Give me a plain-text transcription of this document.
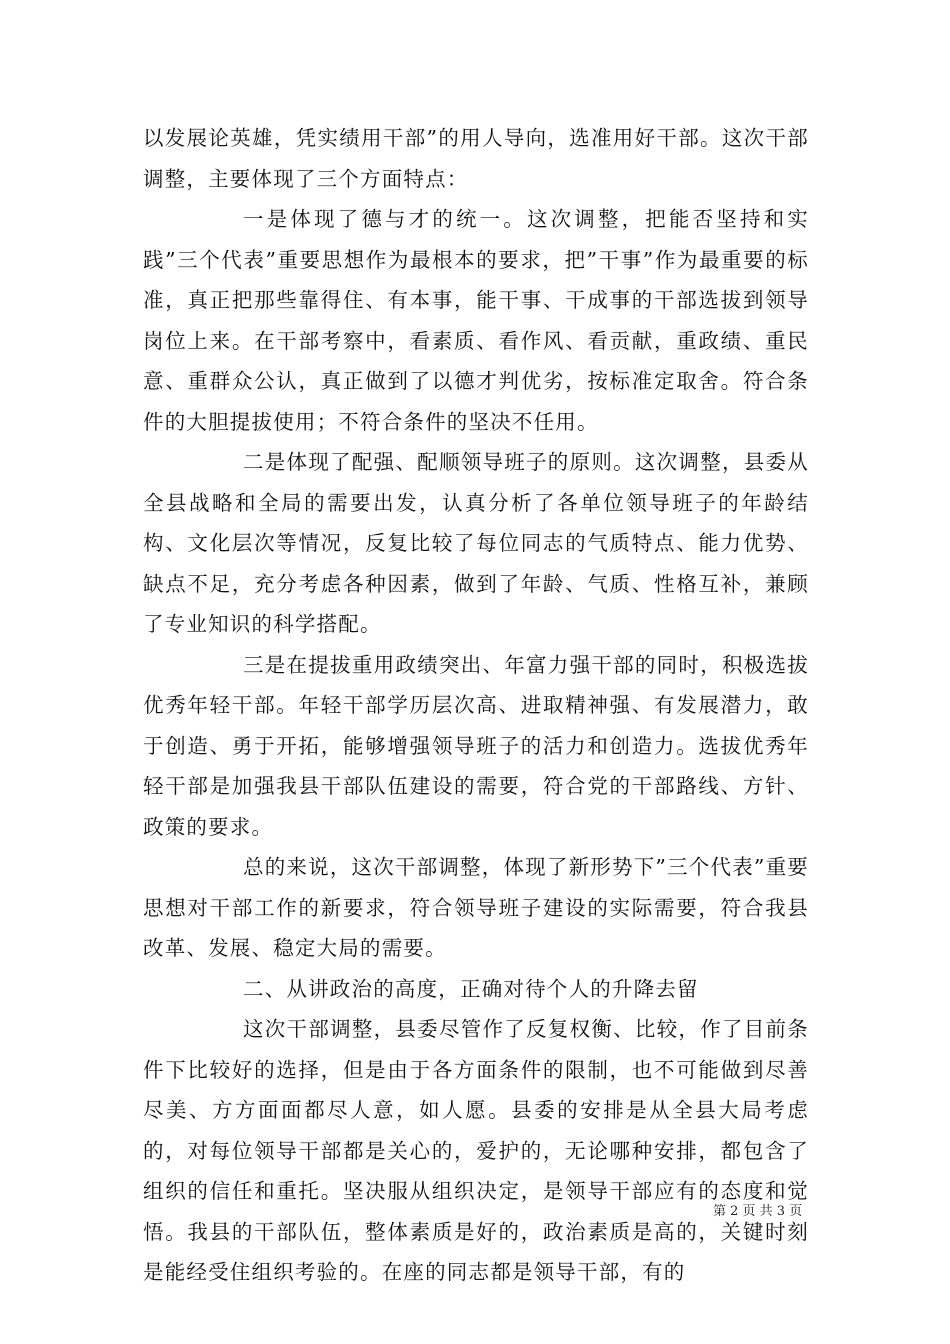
以发展论英雄，凭实绩用干部”的用人导向，选准用好干部。这次干部调整，主要体现了三个方面特点：

一是体现了德与才的统一。这次调整，把能否坚持和实践”三个代表”重要思想作为最根本的要求，把”干事”作为最重要的标准，真正把那些靠得住、有本事，能干事、干成事的干部选拔到领导岗位上来。在干部考察中，看素质、看作风、看贡献，重政绩、重民意、重群众公认，真正做到了以德才判优劣，按标准定取舍。符合条件的大胆提拔使用；不符合条件的坚决不任用。

二是体现了配强、配顺领导班子的原则。这次调整，县委从全县战略和全局的需要出发，认真分析了各单位领导班子的年龄结构、文化层次等情况，反复比较了每位同志的气质特点、能力优势、缺点不足，充分考虑各种因素，做到了年龄、气质、性格互补，兼顾了专业知识的科学搭配。

三是在提拔重用政绩突出、年富力强干部的同时，积极选拔优秀年轻干部。年轻干部学历层次高、进取精神强、有发展潜力，敢于创造、勇于开拓，能够增强领导班子的活力和创造力。选拔优秀年轻干部是加强我县干部队伍建设的需要，符合党的干部路线、方针、政策的要求。

总的来说，这次干部调整，体现了新形势下”三个代表”重要思想对干部工作的新要求，符合领导班子建设的实际需要，符合我县改革、发展、稳定大局的需要。

二、从讲政治的高度，正确对待个人的升降去留

这次干部调整，县委尽管作了反复权衡、比较，作了目前条件下比较好的选择，但是由于各方面条件的限制，也不可能做到尽善尽美、方方面面都尽人意，如人愿。县委的安排是从全县大局考虑的，对每位领导干部都是关心的，爱护的，无论哪种安排，都包含了组织的信任和重托。坚决服从组织决定，是领导干部应有的态度和觉悟。我县的干部队伍，整体素质是好的，政治素质是高的，关键时刻是能经受住组织考验的。在座的同志都是领导干部，有的

第 2 页 共 3 页
